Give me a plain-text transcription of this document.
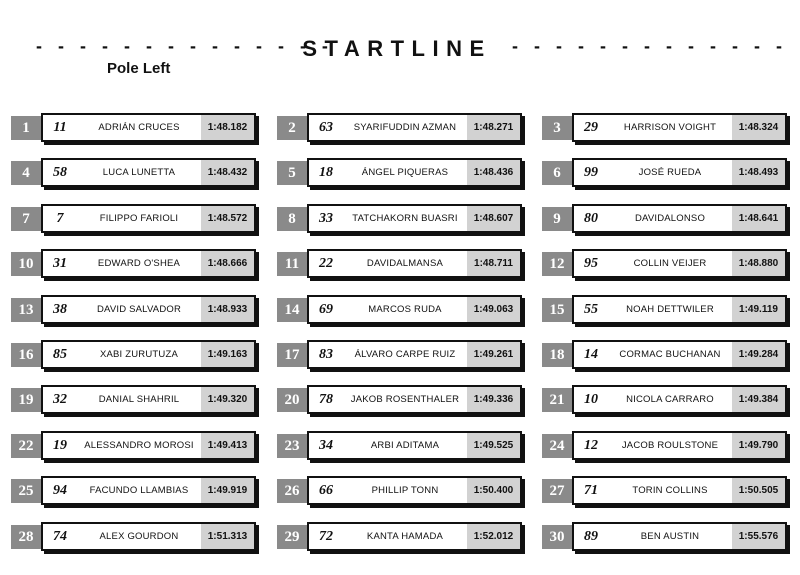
- - - - - - - - - - - - - -
STARTLINE	- - - - - - - - - - - - -
Pole Left
1	11	ADRIÁN CRUCES	1:48.182	2	63	SYARIFUDDIN AZMAN	1:48.271	3	29	HARRISON VOIGHT	1:48.324
4	58	LUCA LUNETTA	1:48.432	5	18	ÁNGEL PIQUERAS	1:48.436	6	99	JOSÉ RUEDA	1:48.493
7	7	FILIPPO FARIOLI	1:48.572	8	33	TATCHAKORN BUASRI	1:48.607	9	80	DAVIDALONSO	1:48.641
10	31	EDWARD O'SHEA	1:48.666	11	22	DAVIDALMANSA	1:48.711	12	95	COLLIN VEIJER	1:48.880
13	38	DAVID SALVADOR	1:48.933	14	69	MARCOS RUDA	1:49.063	15	55	NOAH DETTWILER	1:49.119
16	85	XABI ZURUTUZA	1:49.163	17	83	ÁLVARO CARPE RUIZ	1:49.261	18	14	CORMAC BUCHANAN	1:49.284
19	32	DANIAL SHAHRIL	1:49.320	20	78	JAKOB ROSENTHALER	1:49.336	21	10	NICOLA CARRARO	1:49.384
22	19	ALESSANDRO MOROSI	1:49.413	23	34	ARBI ADITAMA	1:49.525	24	12	JACOB ROULSTONE	1:49.790
25	94	FACUNDO LLAMBIAS	1:49.919	26	66	PHILLIP TONN	1:50.400	27	71	TORIN COLLINS	1:50.505
28	74	ALEX GOURDON	1:51.313	29	72	KANTA HAMADA	1:52.012	30	89	BEN AUSTIN	1:55.576
